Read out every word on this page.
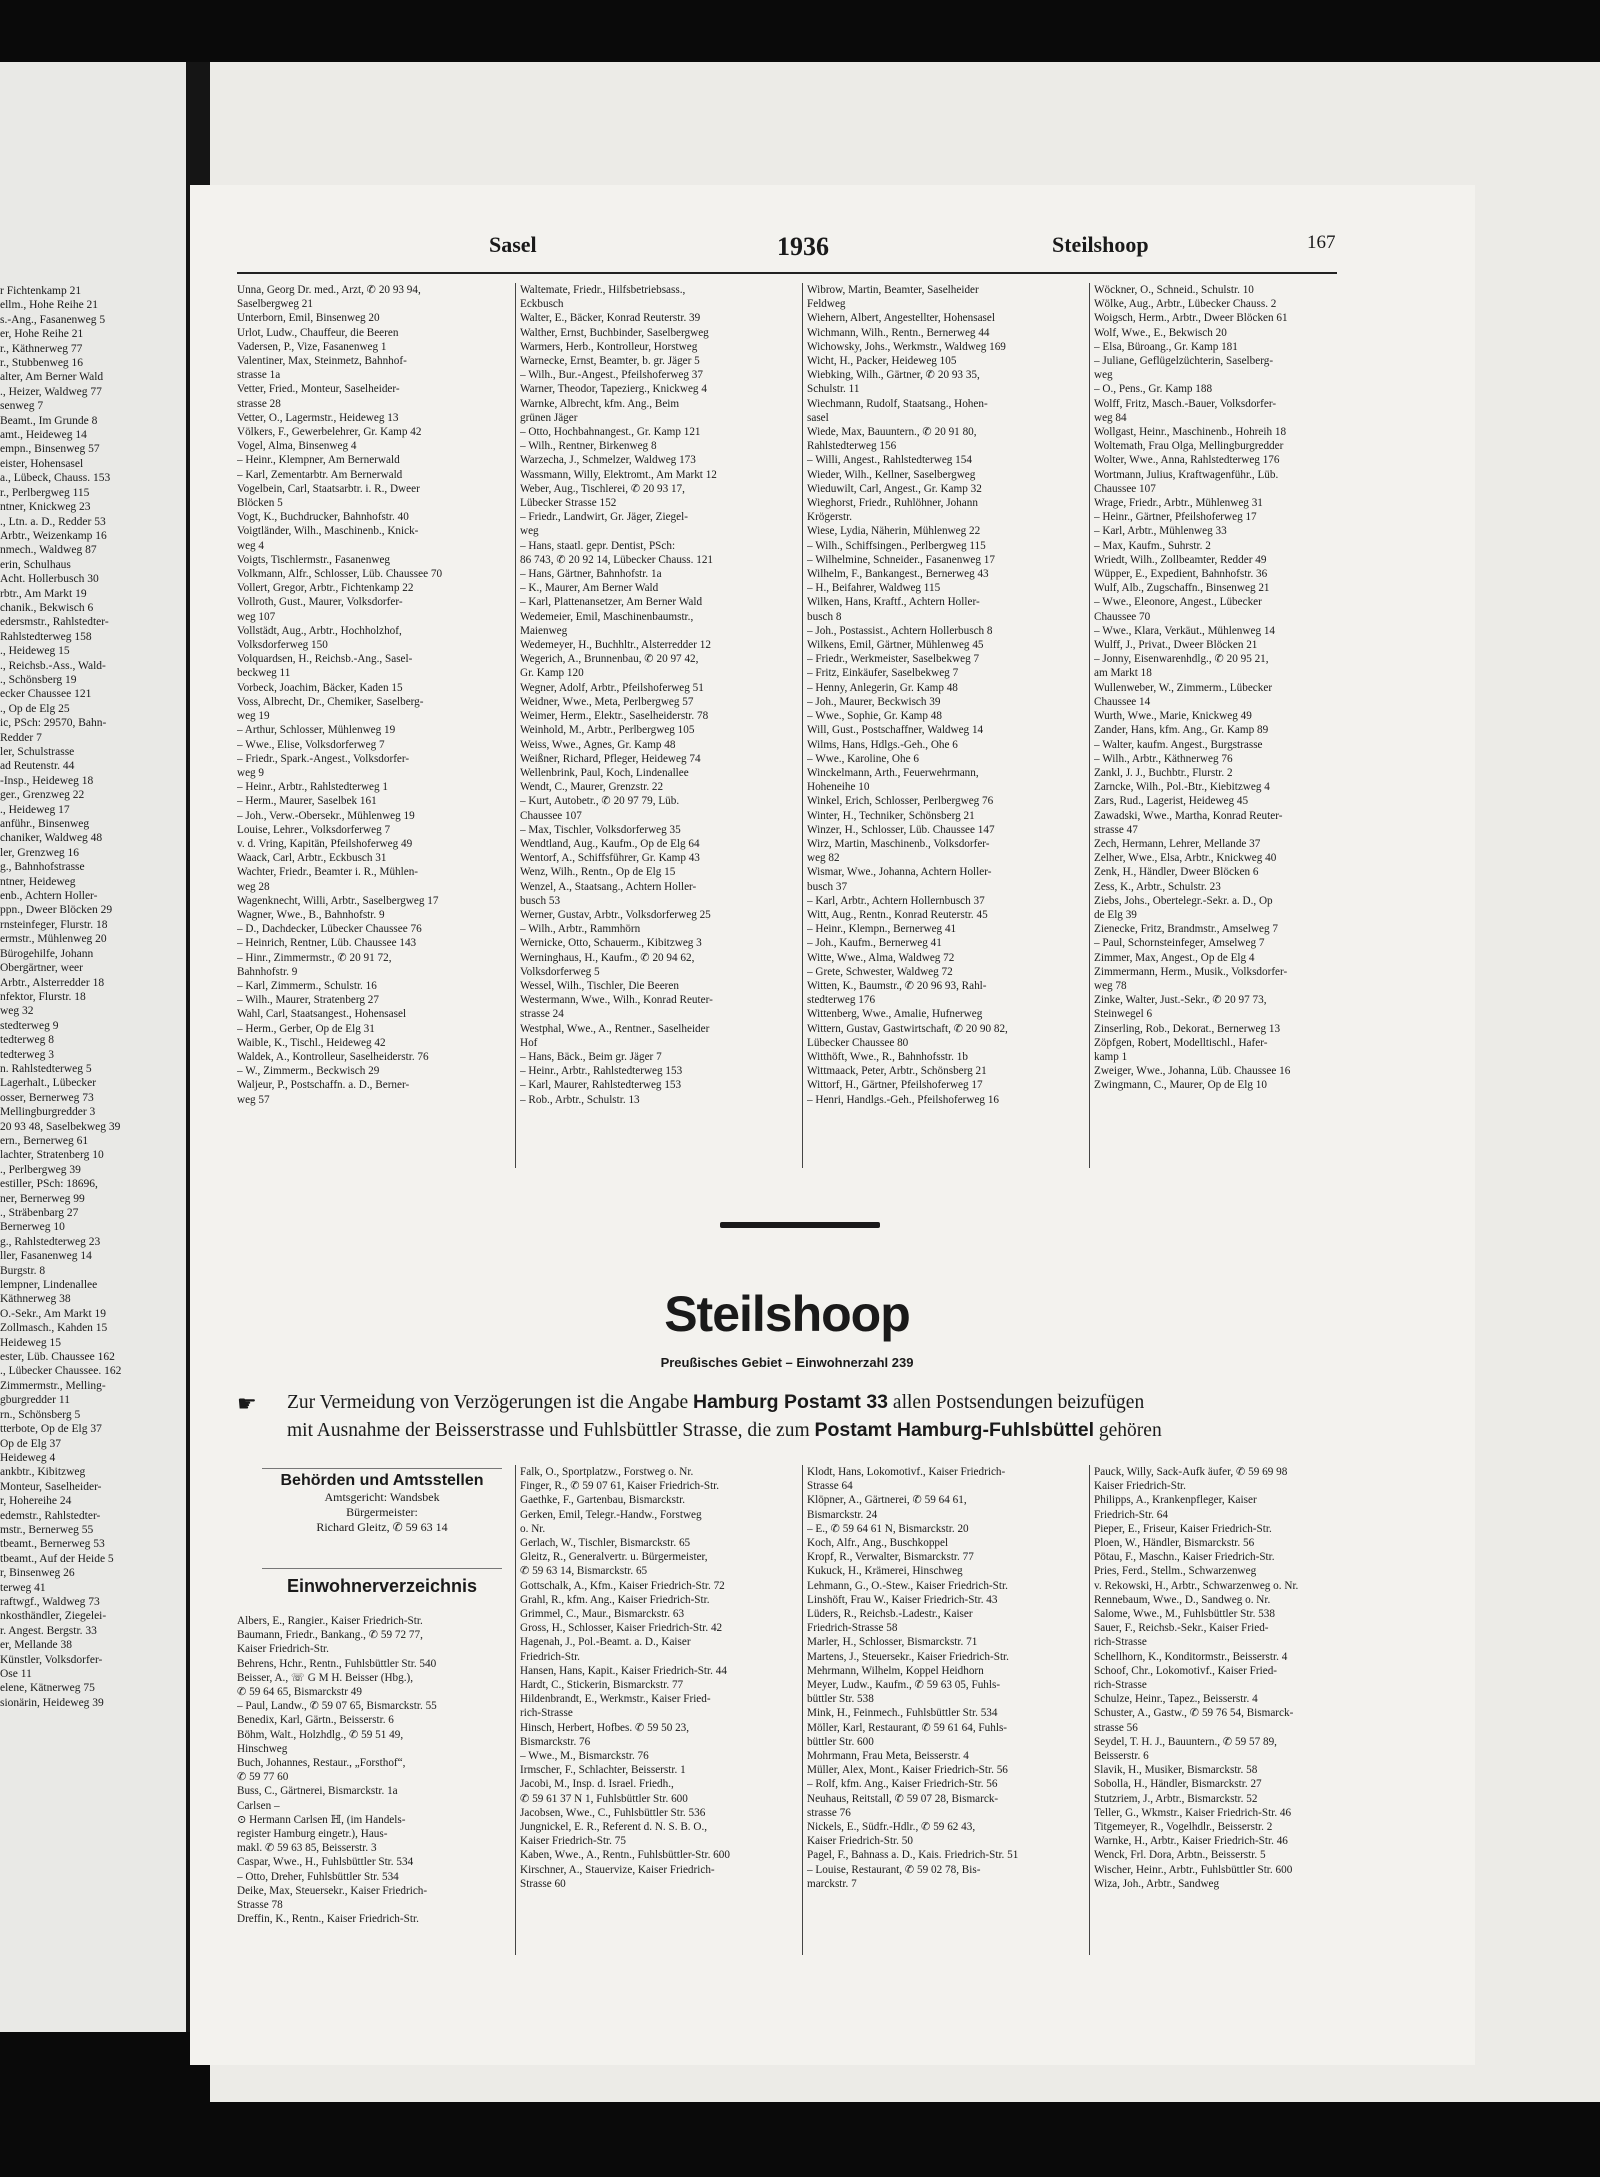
r Fichtenkamp 21
ellm., Hohe Reihe 21
s.-Ang., Fasanenweg 5
er, Hohe Reihe 21
r., Käthnerweg 77
r., Stubbenweg 16
alter, Am Berner Wald
., Heizer, Waldweg 77
senweg 7
Beamt., Im Grunde 8
amt., Heideweg 14
empn., Binsenweg 57
eister, Hohensasel
a., Lübeck, Chauss. 153
r., Perlbergweg 115
ntner, Knickweg 23
., Ltn. a. D., Redder 53
Arbtr., Weizenkamp 16
nmech., Waldweg 87
erin, Schulhaus
Acht. Hollerbusch 30
rbtr., Am Markt 19
chanik., Bekwisch 6
edersmstr., Rahlstedter-
Rahlstedterweg 158
., Heideweg 15
., Reichsb.-Ass., Wald-
., Schönsberg 19
ecker Chaussee 121
., Op de Elg 25
ic, PSch: 29570, Bahn-
Redder 7
ler, Schulstrasse
ad Reutenstr. 44
-Insp., Heideweg 18
ger., Grenzweg 22
., Heideweg 17
anführ., Binsenweg
chaniker, Waldweg 48
ler, Grenzweg 16
g., Bahnhofstrasse
ntner, Heideweg
enb., Achtern Holler-
ppn., Dweer Blöcken 29
rnsteinfeger, Flurstr. 18
ermstr., Mühlenweg 20
Bürogehilfe, Johann
Obergärtner, weer
Arbtr., Alsterredder 18
nfektor, Flurstr. 18
weg 32
stedterweg 9
tedterweg 8
tedterweg 3
n. Rahlstedterweg 5
Lagerhalt., Lübecker
osser, Bernerweg 73
Mellingburgredder 3
20 93 48, Saselbekweg 39
ern., Bernerweg 61
lachter, Stratenberg 10
., Perlbergweg 39
estiller, PSch: 18696,
ner, Bernerweg 99
., Sträbenbarg 27
Bernerweg 10
g., Rahlstedterweg 23
ller, Fasanenweg 14
Burgstr. 8
lempner, Lindenallee
Käthnerweg 38
O.-Sekr., Am Markt 19
Zollmasch., Kahden 15
Heideweg 15
ester, Lüb. Chaussee 162
., Lübecker Chaussee. 162
Zimmermstr., Melling-
gburgredder 11
rn., Schönsberg 5
tterbote, Op de Elg 37
Op de Elg 37
Heideweg 4
ankbtr., Kibitzweg
Monteur, Saselheider-
r, Hohereihe 24
edemstr., Rahlstedter-
mstr., Bernerweg 55
tbeamt., Bernerweg 53
tbeamt., Auf der Heide 5
r, Binsenweg 26
terweg 41
raftwgf., Waldweg 73
nkosthändler, Ziegelei-
r. Angest. Bergstr. 33
er, Mellande 38
Künstler, Volksdorfer-
Ose 11
elene, Kätnerweg 75
sionärin, Heideweg 39
Sasel	1936	Steilshoop	167
Unna, Georg Dr. med., Arzt, ✆ 20 93 94,
Saselbergweg 21
Unterborn, Emil, Binsenweg 20
Urlot, Ludw., Chauffeur, die Beeren
Vadersen, P., Vize, Fasanenweg 1
Valentiner, Max, Steinmetz, Bahnhof-
strasse 1a
Vetter, Fried., Monteur, Saselheider-
strasse 28
Vetter, O., Lagermstr., Heideweg 13
Völkers, F., Gewerbelehrer, Gr. Kamp 42
Vogel, Alma, Binsenweg 4
– Heinr., Klempner, Am Bernerwald
– Karl, Zementarbtr. Am Bernerwald
Vogelbein, Carl, Staatsarbtr. i. R., Dweer
Blöcken 5
Vogt, K., Buchdrucker, Bahnhofstr. 40
Voigtländer, Wilh., Maschinenb., Knick-
weg 4
Voigts, Tischlermstr., Fasanenweg
Volkmann, Alfr., Schlosser, Lüb. Chaussee 70
Vollert, Gregor, Arbtr., Fichtenkamp 22
Vollroth, Gust., Maurer, Volksdorfer-
weg 107
Vollstädt, Aug., Arbtr., Hochholzhof,
Volksdorferweg 150
Volquardsen, H., Reichsb.-Ang., Sasel-
beckweg 11
Vorbeck, Joachim, Bäcker, Kaden 15
Voss, Albrecht, Dr., Chemiker, Saselberg-
weg 19
– Arthur, Schlosser, Mühlenweg 19
– Wwe., Elise, Volksdorferweg 7
– Friedr., Spark.-Angest., Volksdorfer-
weg 9
– Heinr., Arbtr., Rahlstedterweg 1
– Herm., Maurer, Saselbek 161
– Joh., Verw.-Obersekr., Mühlenweg 19
Louise, Lehrer., Volksdorferweg 7
v. d. Vring, Kapitän, Pfeilshoferweg 49
Waack, Carl, Arbtr., Eckbusch 31
Wachter, Friedr., Beamter i. R., Mühlen-
weg 28
Wagenknecht, Willi, Arbtr., Saselbergweg 17
Wagner, Wwe., B., Bahnhofstr. 9
– D., Dachdecker, Lübecker Chaussee 76
– Heinrich, Rentner, Lüb. Chaussee 143
– Hinr., Zimmermstr., ✆ 20 91 72,
Bahnhofstr. 9
– Karl, Zimmerm., Schulstr. 16
– Wilh., Maurer, Stratenberg 27
Wahl, Carl, Staatsangest., Hohensasel
– Herm., Gerber, Op de Elg 31
Waible, K., Tischl., Heideweg 42
Waldek, A., Kontrolleur, Saselheiderstr. 76
– W., Zimmerm., Beckwisch 29
Waljeur, P., Postschaffn. a. D., Berner-
weg 57
Waltemate, Friedr., Hilfsbetriebsass.,
Eckbusch
Walter, E., Bäcker, Konrad Reuterstr. 39
Walther, Ernst, Buchbinder, Saselbergweg
Warmers, Herb., Kontrolleur, Horstweg
Warnecke, Ernst, Beamter, b. gr. Jäger 5
– Wilh., Bur.-Angest., Pfeilshoferweg 37
Warner, Theodor, Tapezierg., Knickweg 4
Warnke, Albrecht, kfm. Ang., Beim
grünen Jäger
– Otto, Hochbahnangest., Gr. Kamp 121
– Wilh., Rentner, Birkenweg 8
Warzecha, J., Schmelzer, Waldweg 173
Wassmann, Willy, Elektromt., Am Markt 12
Weber, Aug., Tischlerei, ✆ 20 93 17,
Lübecker Strasse 152
– Friedr., Landwirt, Gr. Jäger, Ziegel-
weg
– Hans, staatl. gepr. Dentist, PSch:
86 743, ✆ 20 92 14, Lübecker Chauss. 121
– Hans, Gärtner, Bahnhofstr. 1a
– K., Maurer, Am Berner Wald
– Karl, Plattenansetzer, Am Berner Wald
Wedemeier, Emil, Maschinenbaumstr.,
Maienweg
Wedemeyer, H., Buchhltr., Alsterredder 12
Wegerich, A., Brunnenbau, ✆ 20 97 42,
Gr. Kamp 120
Wegner, Adolf, Arbtr., Pfeilshoferweg 51
Weidner, Wwe., Meta, Perlbergweg 57
Weimer, Herm., Elektr., Saselheiderstr. 78
Weinhold, M., Arbtr., Perlbergweg 105
Weiss, Wwe., Agnes, Gr. Kamp 48
Weißner, Richard, Pfleger, Heideweg 74
Wellenbrink, Paul, Koch, Lindenallee
Wendt, C., Maurer, Grenzstr. 22
– Kurt, Autobetr., ✆ 20 97 79, Lüb.
Chaussee 107
– Max, Tischler, Volksdorferweg 35
Wendtland, Aug., Kaufm., Op de Elg 64
Wentorf, A., Schiffsführer, Gr. Kamp 43
Wenz, Wilh., Rentn., Op de Elg 15
Wenzel, A., Staatsang., Achtern Holler-
busch 53
Werner, Gustav, Arbtr., Volksdorferweg 25
– Wilh., Arbtr., Rammhörn
Wernicke, Otto, Schauerm., Kibitzweg 3
Werninghaus, H., Kaufm., ✆ 20 94 62,
Volksdorferweg 5
Wessel, Wilh., Tischler, Die Beeren
Westermann, Wwe., Wilh., Konrad Reuter-
strasse 24
Westphal, Wwe., A., Rentner., Saselheider
Hof
– Hans, Bäck., Beim gr. Jäger 7
– Heinr., Arbtr., Rahlstedterweg 153
– Karl, Maurer, Rahlstedterweg 153
– Rob., Arbtr., Schulstr. 13
Wibrow, Martin, Beamter, Saselheider
Feldweg
Wiehern, Albert, Angestellter, Hohensasel
Wichmann, Wilh., Rentn., Bernerweg 44
Wichowsky, Johs., Werkmstr., Waldweg 169
Wicht, H., Packer, Heideweg 105
Wiebking, Wilh., Gärtner, ✆ 20 93 35,
Schulstr. 11
Wiechmann, Rudolf, Staatsang., Hohen-
sasel
Wiede, Max, Bauuntern., ✆ 20 91 80,
Rahlstedterweg 156
– Willi, Angest., Rahlstedterweg 154
Wieder, Wilh., Kellner, Saselbergweg
Wieduwilt, Carl, Angest., Gr. Kamp 32
Wieghorst, Friedr., Ruhlöhner, Johann
Krögerstr.
Wiese, Lydia, Näherin, Mühlenweg 22
– Wilh., Schiffsingen., Perlbergweg 115
– Wilhelmine, Schneider., Fasanenweg 17
Wilhelm, F., Bankangest., Bernerweg 43
– H., Beifahrer, Waldweg 115
Wilken, Hans, Kraftf., Achtern Holler-
busch 8
– Joh., Postassist., Achtern Hollerbusch 8
Wilkens, Emil, Gärtner, Mühlenweg 45
– Friedr., Werkmeister, Saselbekweg 7
– Fritz, Einkäufer, Saselbekweg 7
– Henny, Anlegerin, Gr. Kamp 48
– Joh., Maurer, Beckwisch 39
– Wwe., Sophie, Gr. Kamp 48
Will, Gust., Postschaffner, Waldweg 14
Wilms, Hans, Hdlgs.-Geh., Ohe 6
– Wwe., Karoline, Ohe 6
Winckelmann, Arth., Feuerwehrmann,
Hoheneihe 10
Winkel, Erich, Schlosser, Perlbergweg 76
Winter, H., Techniker, Schönsberg 21
Winzer, H., Schlosser, Lüb. Chaussee 147
Wirz, Martin, Maschinenb., Volksdorfer-
weg 82
Wismar, Wwe., Johanna, Achtern Holler-
busch 37
– Karl, Arbtr., Achtern Hollernbusch 37
Witt, Aug., Rentn., Konrad Reuterstr. 45
– Heinr., Klempn., Bernerweg 41
– Joh., Kaufm., Bernerweg 41
Witte, Wwe., Alma, Waldweg 72
– Grete, Schwester, Waldweg 72
Witten, K., Baumstr., ✆ 20 96 93, Rahl-
stedterweg 176
Wittenberg, Wwe., Amalie, Hufnerweg
Wittern, Gustav, Gastwirtschaft, ✆ 20 90 82,
Lübecker Chaussee 80
Witthöft, Wwe., R., Bahnhofsstr. 1b
Wittmaack, Peter, Arbtr., Schönsberg 21
Wittorf, H., Gärtner, Pfeilshoferweg 17
– Henri, Handlgs.-Geh., Pfeilshoferweg 16
Wöckner, O., Schneid., Schulstr. 10
Wölke, Aug., Arbtr., Lübecker Chauss. 2
Woigsch, Herm., Arbtr., Dweer Blöcken 61
Wolf, Wwe., E., Bekwisch 20
– Elsa, Büroang., Gr. Kamp 181
– Juliane, Geflügelzüchterin, Saselberg-
weg
– O., Pens., Gr. Kamp 188
Wolff, Fritz, Masch.-Bauer, Volksdorfer-
weg 84
Wollgast, Heinr., Maschinenb., Hohreih 18
Woltemath, Frau Olga, Mellingburgredder
Wolter, Wwe., Anna, Rahlstedterweg 176
Wortmann, Julius, Kraftwagenführ., Lüb.
Chaussee 107
Wrage, Friedr., Arbtr., Mühlenweg 31
– Heinr., Gärtner, Pfeilshoferweg 17
– Karl, Arbtr., Mühlenweg 33
– Max, Kaufm., Suhrstr. 2
Wriedt, Wilh., Zollbeamter, Redder 49
Wüpper, E., Expedient, Bahnhofstr. 36
Wulf, Alb., Zugschaffn., Binsenweg 21
– Wwe., Eleonore, Angest., Lübecker
Chaussee 70
– Wwe., Klara, Verkäut., Mühlenweg 14
Wulff, J., Privat., Dweer Blöcken 21
– Jonny, Eisenwarenhdlg., ✆ 20 95 21,
am Markt 18
Wullenweber, W., Zimmerm., Lübecker
Chaussee 14
Wurth, Wwe., Marie, Knickweg 49
Zander, Hans, kfm. Ang., Gr. Kamp 89
– Walter, kaufm. Angest., Burgstrasse
– Wilh., Arbtr., Käthnerweg 76
Zankl, J. J., Buchbtr., Flurstr. 2
Zarncke, Wilh., Pol.-Btr., Kiebitzweg 4
Zars, Rud., Lagerist, Heideweg 45
Zawadski, Wwe., Martha, Konrad Reuter-
strasse 47
Zech, Hermann, Lehrer, Mellande 37
Zelher, Wwe., Elsa, Arbtr., Knickweg 40
Zenk, H., Händler, Dweer Blöcken 6
Zess, K., Arbtr., Schulstr. 23
Ziebs, Johs., Obertelegr.-Sekr. a. D., Op
de Elg 39
Zienecke, Fritz, Brandmstr., Amselweg 7
– Paul, Schornsteinfeger, Amselweg 7
Zimmer, Max, Angest., Op de Elg 4
Zimmermann, Herm., Musik., Volksdorfer-
weg 78
Zinke, Walter, Just.-Sekr., ✆ 20 97 73,
Steinwegel 6
Zinserling, Rob., Dekorat., Bernerweg 13
Zöpfgen, Robert, Modelltischl., Hafer-
kamp 1
Zweiger, Wwe., Johanna, Lüb. Chaussee 16
Zwingmann, C., Maurer, Op de Elg 10
Steilshoop
Preußisches Gebiet – Einwohnerzahl 239
☛ Zur Vermeidung von Verzögerungen ist die Angabe Hamburg Postamt 33 allen Postsendungen beizufügen
mit Ausnahme der Beisserstrasse und Fuhlsbüttler Strasse, die zum Postamt Hamburg-Fuhlsbüttel gehören
Behörden und Amtsstellen
Amtsgericht: Wandsbek
Bürgermeister:
Richard Gleitz, ✆ 59 63 14
Einwohnerverzeichnis
Albers, E., Rangier., Kaiser Friedrich-Str.
Baumann, Friedr., Bankang., ✆ 59 72 77,
Kaiser Friedrich-Str.
Behrens, Hchr., Rentn., Fuhlsbüttler Str. 540
Beisser, A., ☏ G M H. Beisser (Hbg.),
✆ 59 64 65, Bismarckstr 49
– Paul, Landw., ✆ 59 07 65, Bismarckstr. 55
Benedix, Karl, Gärtn., Beisserstr. 6
Böhm, Walt., Holzhdlg., ✆ 59 51 49,
Hinschweg
Buch, Johannes, Restaur., „Forsthof“,
✆ 59 77 60
Buss, C., Gärtnerei, Bismarckstr. 1a
Carlsen –
⊙ Hermann Carlsen ℍ, (im Handels-
register Hamburg eingetr.), Haus-
makl. ✆ 59 63 85, Beisserstr. 3
Caspar, Wwe., H., Fuhlsbüttler Str. 534
– Otto, Dreher, Fuhlsbüttler Str. 534
Deike, Max, Steuersekr., Kaiser Friedrich-
Strasse 78
Dreffin, K., Rentn., Kaiser Friedrich-Str.
Falk, O., Sportplatzw., Forstweg o. Nr.
Finger, R., ✆ 59 07 61, Kaiser Friedrich-Str.
Gaethke, F., Gartenbau, Bismarckstr.
Gerken, Emil, Telegr.-Handw., Forstweg
o. Nr.
Gerlach, W., Tischler, Bismarckstr. 65
Gleitz, R., Generalvertr. u. Bürgermeister,
✆ 59 63 14, Bismarckstr. 65
Gottschalk, A., Kfm., Kaiser Friedrich-Str. 72
Grahl, R., kfm. Ang., Kaiser Friedrich-Str.
Grimmel, C., Maur., Bismarckstr. 63
Gross, H., Schlosser, Kaiser Friedrich-Str. 42
Hagenah, J., Pol.-Beamt. a. D., Kaiser
Friedrich-Str.
Hansen, Hans, Kapit., Kaiser Friedrich-Str. 44
Hardt, C., Stickerin, Bismarckstr. 77
Hildenbrandt, E., Werkmstr., Kaiser Fried-
rich-Strasse
Hinsch, Herbert, Hofbes. ✆ 59 50 23,
Bismarckstr. 76
– Wwe., M., Bismarckstr. 76
Irmscher, F., Schlachter, Beisserstr. 1
Jacobi, M., Insp. d. Israel. Friedh.,
✆ 59 61 37 N 1, Fuhlsbüttler Str. 600
Jacobsen, Wwe., C., Fuhlsbüttler Str. 536
Jungnickel, E. R., Referent d. N. S. B. O.,
Kaiser Friedrich-Str. 75
Kaben, Wwe., A., Rentn., Fuhlsbüttler-Str. 600
Kirschner, A., Stauervize, Kaiser Friedrich-
Strasse 60
Klodt, Hans, Lokomotivf., Kaiser Friedrich-
Strasse 64
Klöpner, A., Gärtnerei, ✆ 59 64 61,
Bismarckstr. 24
– E., ✆ 59 64 61 N, Bismarckstr. 20
Koch, Alfr., Ang., Buschkoppel
Kropf, R., Verwalter, Bismarckstr. 77
Kukuck, H., Krämerei, Hinschweg
Lehmann, G., O.-Stew., Kaiser Friedrich-Str.
Linshöft, Frau W., Kaiser Friedrich-Str. 43
Lüders, R., Reichsb.-Ladestr., Kaiser
Friedrich-Strasse 58
Marler, H., Schlosser, Bismarckstr. 71
Martens, J., Steuersekr., Kaiser Friedrich-Str.
Mehrmann, Wilhelm, Koppel Heidhorn
Meyer, Ludw., Kaufm., ✆ 59 63 05, Fuhls-
büttler Str. 538
Mink, H., Feinmech., Fuhlsbüttler Str. 534
Möller, Karl, Restaurant, ✆ 59 61 64, Fuhls-
büttler Str. 600
Mohrmann, Frau Meta, Beisserstr. 4
Müller, Alex, Mont., Kaiser Friedrich-Str. 56
– Rolf, kfm. Ang., Kaiser Friedrich-Str. 56
Neuhaus, Reitstall, ✆ 59 07 28, Bismarck-
strasse 76
Nickels, E., Südfr.-Hdlr., ✆ 59 62 43,
Kaiser Friedrich-Str. 50
Pagel, F., Bahnass a. D., Kais. Friedrich-Str. 51
– Louise, Restaurant, ✆ 59 02 78, Bis-
marckstr. 7
Pauck, Willy, Sack-Aufk äufer, ✆ 59 69 98
Kaiser Friedrich-Str.
Philipps, A., Krankenpfleger, Kaiser
Friedrich-Str. 64
Pieper, E., Friseur, Kaiser Friedrich-Str.
Ploen, W., Händler, Bismarckstr. 56
Pötau, F., Maschn., Kaiser Friedrich-Str.
Pries, Ferd., Stellm., Schwarzenweg
v. Rekowski, H., Arbtr., Schwarzenweg o. Nr.
Rennebaum, Wwe., D., Sandweg o. Nr.
Salome, Wwe., M., Fuhlsbüttler Str. 538
Sauer, F., Reichsb.-Sekr., Kaiser Fried-
rich-Strasse
Schellhorn, K., Konditormstr., Beisserstr. 4
Schoof, Chr., Lokomotivf., Kaiser Fried-
rich-Strasse
Schulze, Heinr., Tapez., Beisserstr. 4
Schuster, A., Gastw., ✆ 59 76 54, Bismarck-
strasse 56
Seydel, T. H. J., Bauuntern., ✆ 59 57 89,
Beisserstr. 6
Slavik, H., Musiker, Bismarckstr. 58
Sobolla, H., Händler, Bismarckstr. 27
Stutzriem, J., Arbtr., Bismarckstr. 52
Teller, G., Wkmstr., Kaiser Friedrich-Str. 46
Titgemeyer, R., Vogelhdlr., Beisserstr. 2
Warnke, H., Arbtr., Kaiser Friedrich-Str. 46
Wenck, Frl. Dora, Arbtn., Beisserstr. 5
Wischer, Heinr., Arbtr., Fuhlsbüttler Str. 600
Wiza, Joh., Arbtr., Sandweg
